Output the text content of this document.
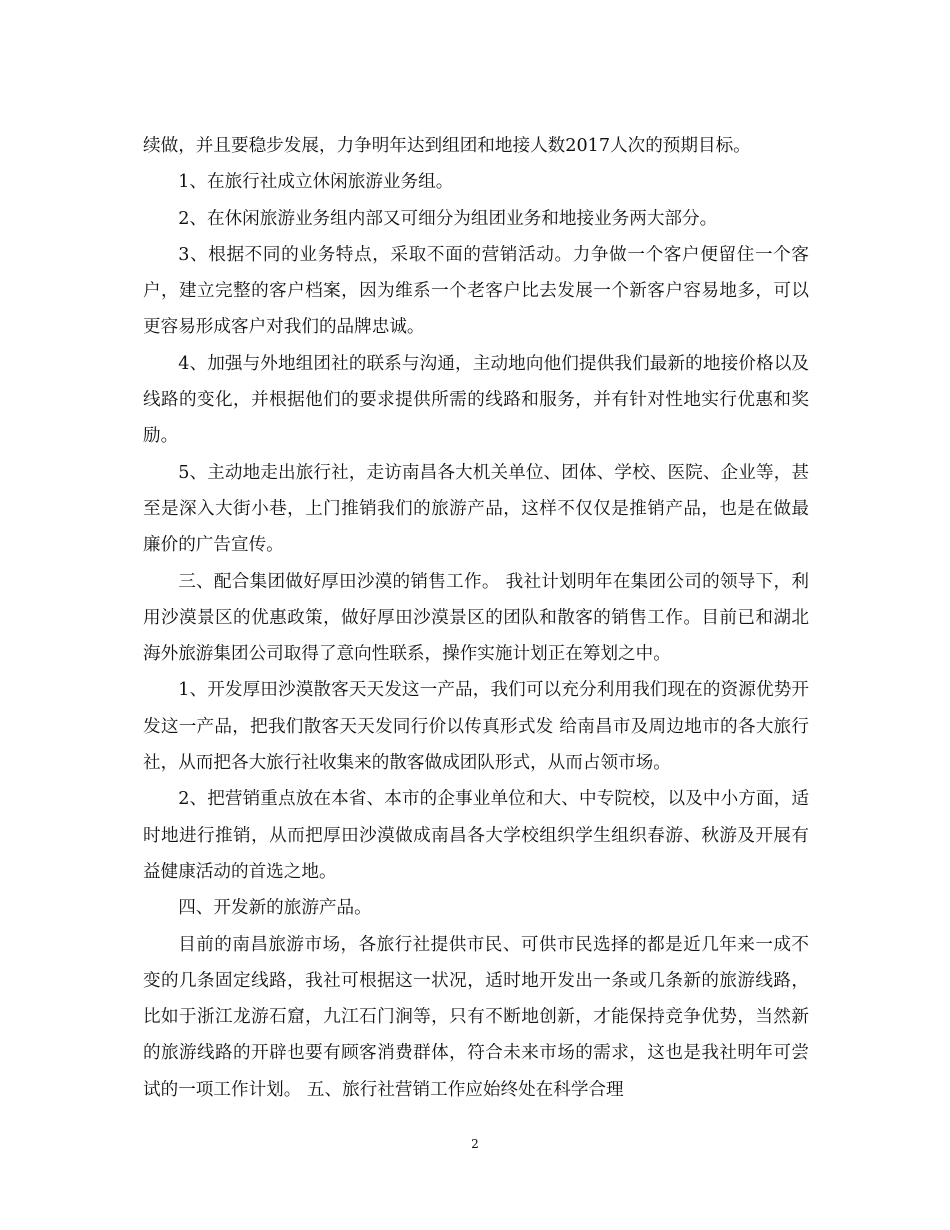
续做，并且要稳步发展，力争明年达到组团和地接人数2017人次的预期目标。

1、在旅行社成立休闲旅游业务组。

2、在休闲旅游业务组内部又可细分为组团业务和地接业务两大部分。

3、根据不同的业务特点，采取不面的营销活动。力争做一个客户便留住一个客户，建立完整的客户档案，因为维系一个老客户比去发展一个新客户容易地多，可以更容易形成客户对我们的品牌忠诚。

4、加强与外地组团社的联系与沟通，主动地向他们提供我们最新的地接价格以及线路的变化，并根据他们的要求提供所需的线路和服务，并有针对性地实行优惠和奖励。

5、主动地走出旅行社，走访南昌各大机关单位、团体、学校、医院、企业等，甚至是深入大街小巷，上门推销我们的旅游产品，这样不仅仅是推销产品，也是在做最廉价的广告宣传。

三、配合集团做好厚田沙漠的销售工作。 我社计划明年在集团公司的领导下，利用沙漠景区的优惠政策，做好厚田沙漠景区的团队和散客的销售工作。目前已和湖北海外旅游集团公司取得了意向性联系，操作实施计划正在筹划之中。

1、开发厚田沙漠散客天天发这一产品，我们可以充分利用我们现在的资源优势开发这一产品，把我们散客天天发同行价以传真形式发 给南昌市及周边地市的各大旅行社，从而把各大旅行社收集来的散客做成团队形式，从而占领市场。

2、把营销重点放在本省、本市的企事业单位和大、中专院校，以及中小方面，适时地进行推销，从而把厚田沙漠做成南昌各大学校组织学生组织春游、秋游及开展有益健康活动的首选之地。

四、开发新的旅游产品。

目前的南昌旅游市场，各旅行社提供市民、可供市民选择的都是近几年来一成不变的几条固定线路，我社可根据这一状况，适时地开发出一条或几条新的旅游线路，比如于浙江龙游石窟，九江石门涧等，只有不断地创新，才能保持竞争优势，当然新的旅游线路的开辟也要有顾客消费群体，符合未来市场的需求，这也是我社明年可尝试的一项工作计划。 五、旅行社营销工作应始终处在科学合理

2
